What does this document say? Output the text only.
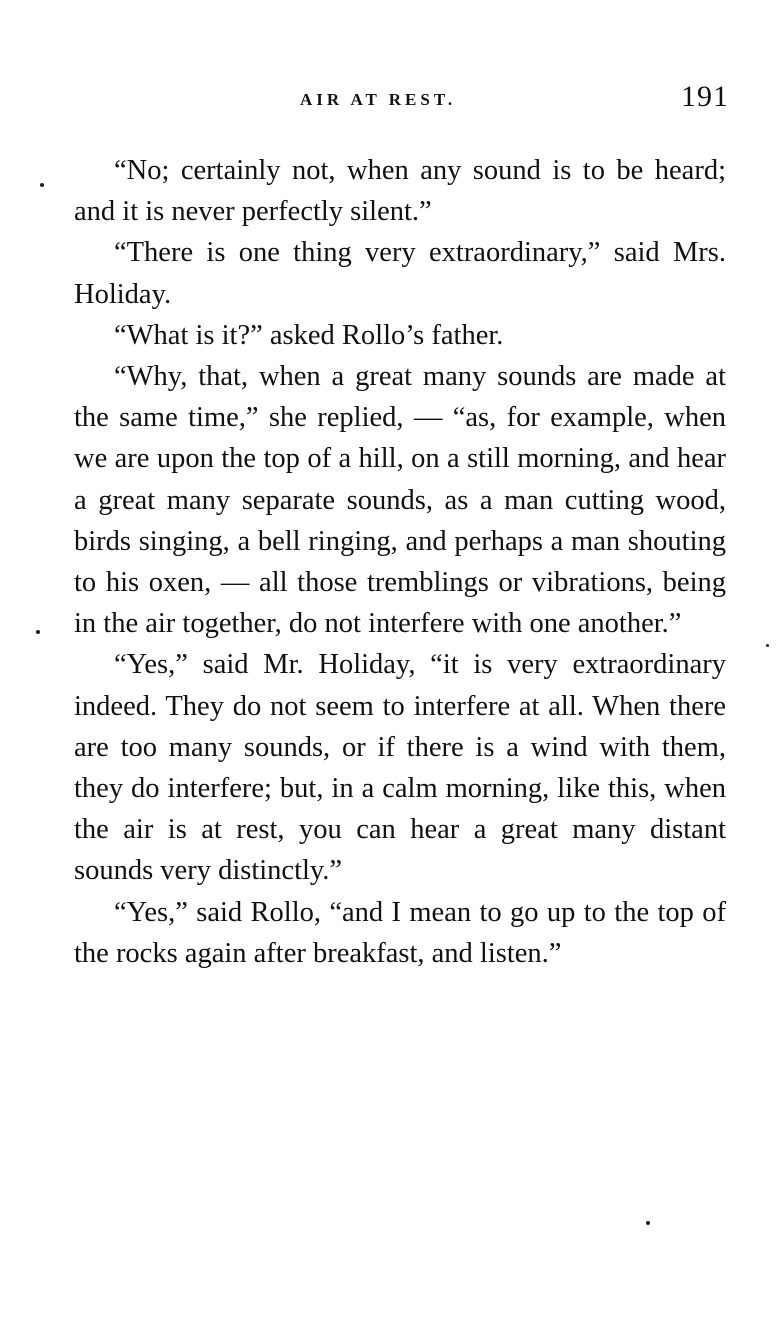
AIR AT REST.	191

“No; certainly not, when any sound is to be heard; and it is never perfectly silent.”

“There is one thing very extraordinary,” said Mrs. Holiday.

“What is it?” asked Rollo’s father.

“Why, that, when a great many sounds are made at the same time,” she replied, — “as, for example, when we are upon the top of a hill, on a still morning, and hear a great many separate sounds, as a man cutting wood, birds singing, a bell ringing, and perhaps a man shouting to his oxen, — all those tremblings or vibrations, being in the air together, do not interfere with one another.”

“Yes,” said Mr. Holiday, “it is very extraordinary indeed. They do not seem to interfere at all. When there are too many sounds, or if there is a wind with them, they do interfere; but, in a calm morning, like this, when the air is at rest, you can hear a great many distant sounds very distinctly.”

“Yes,” said Rollo, “and I mean to go up to the top of the rocks again after breakfast, and listen.”
